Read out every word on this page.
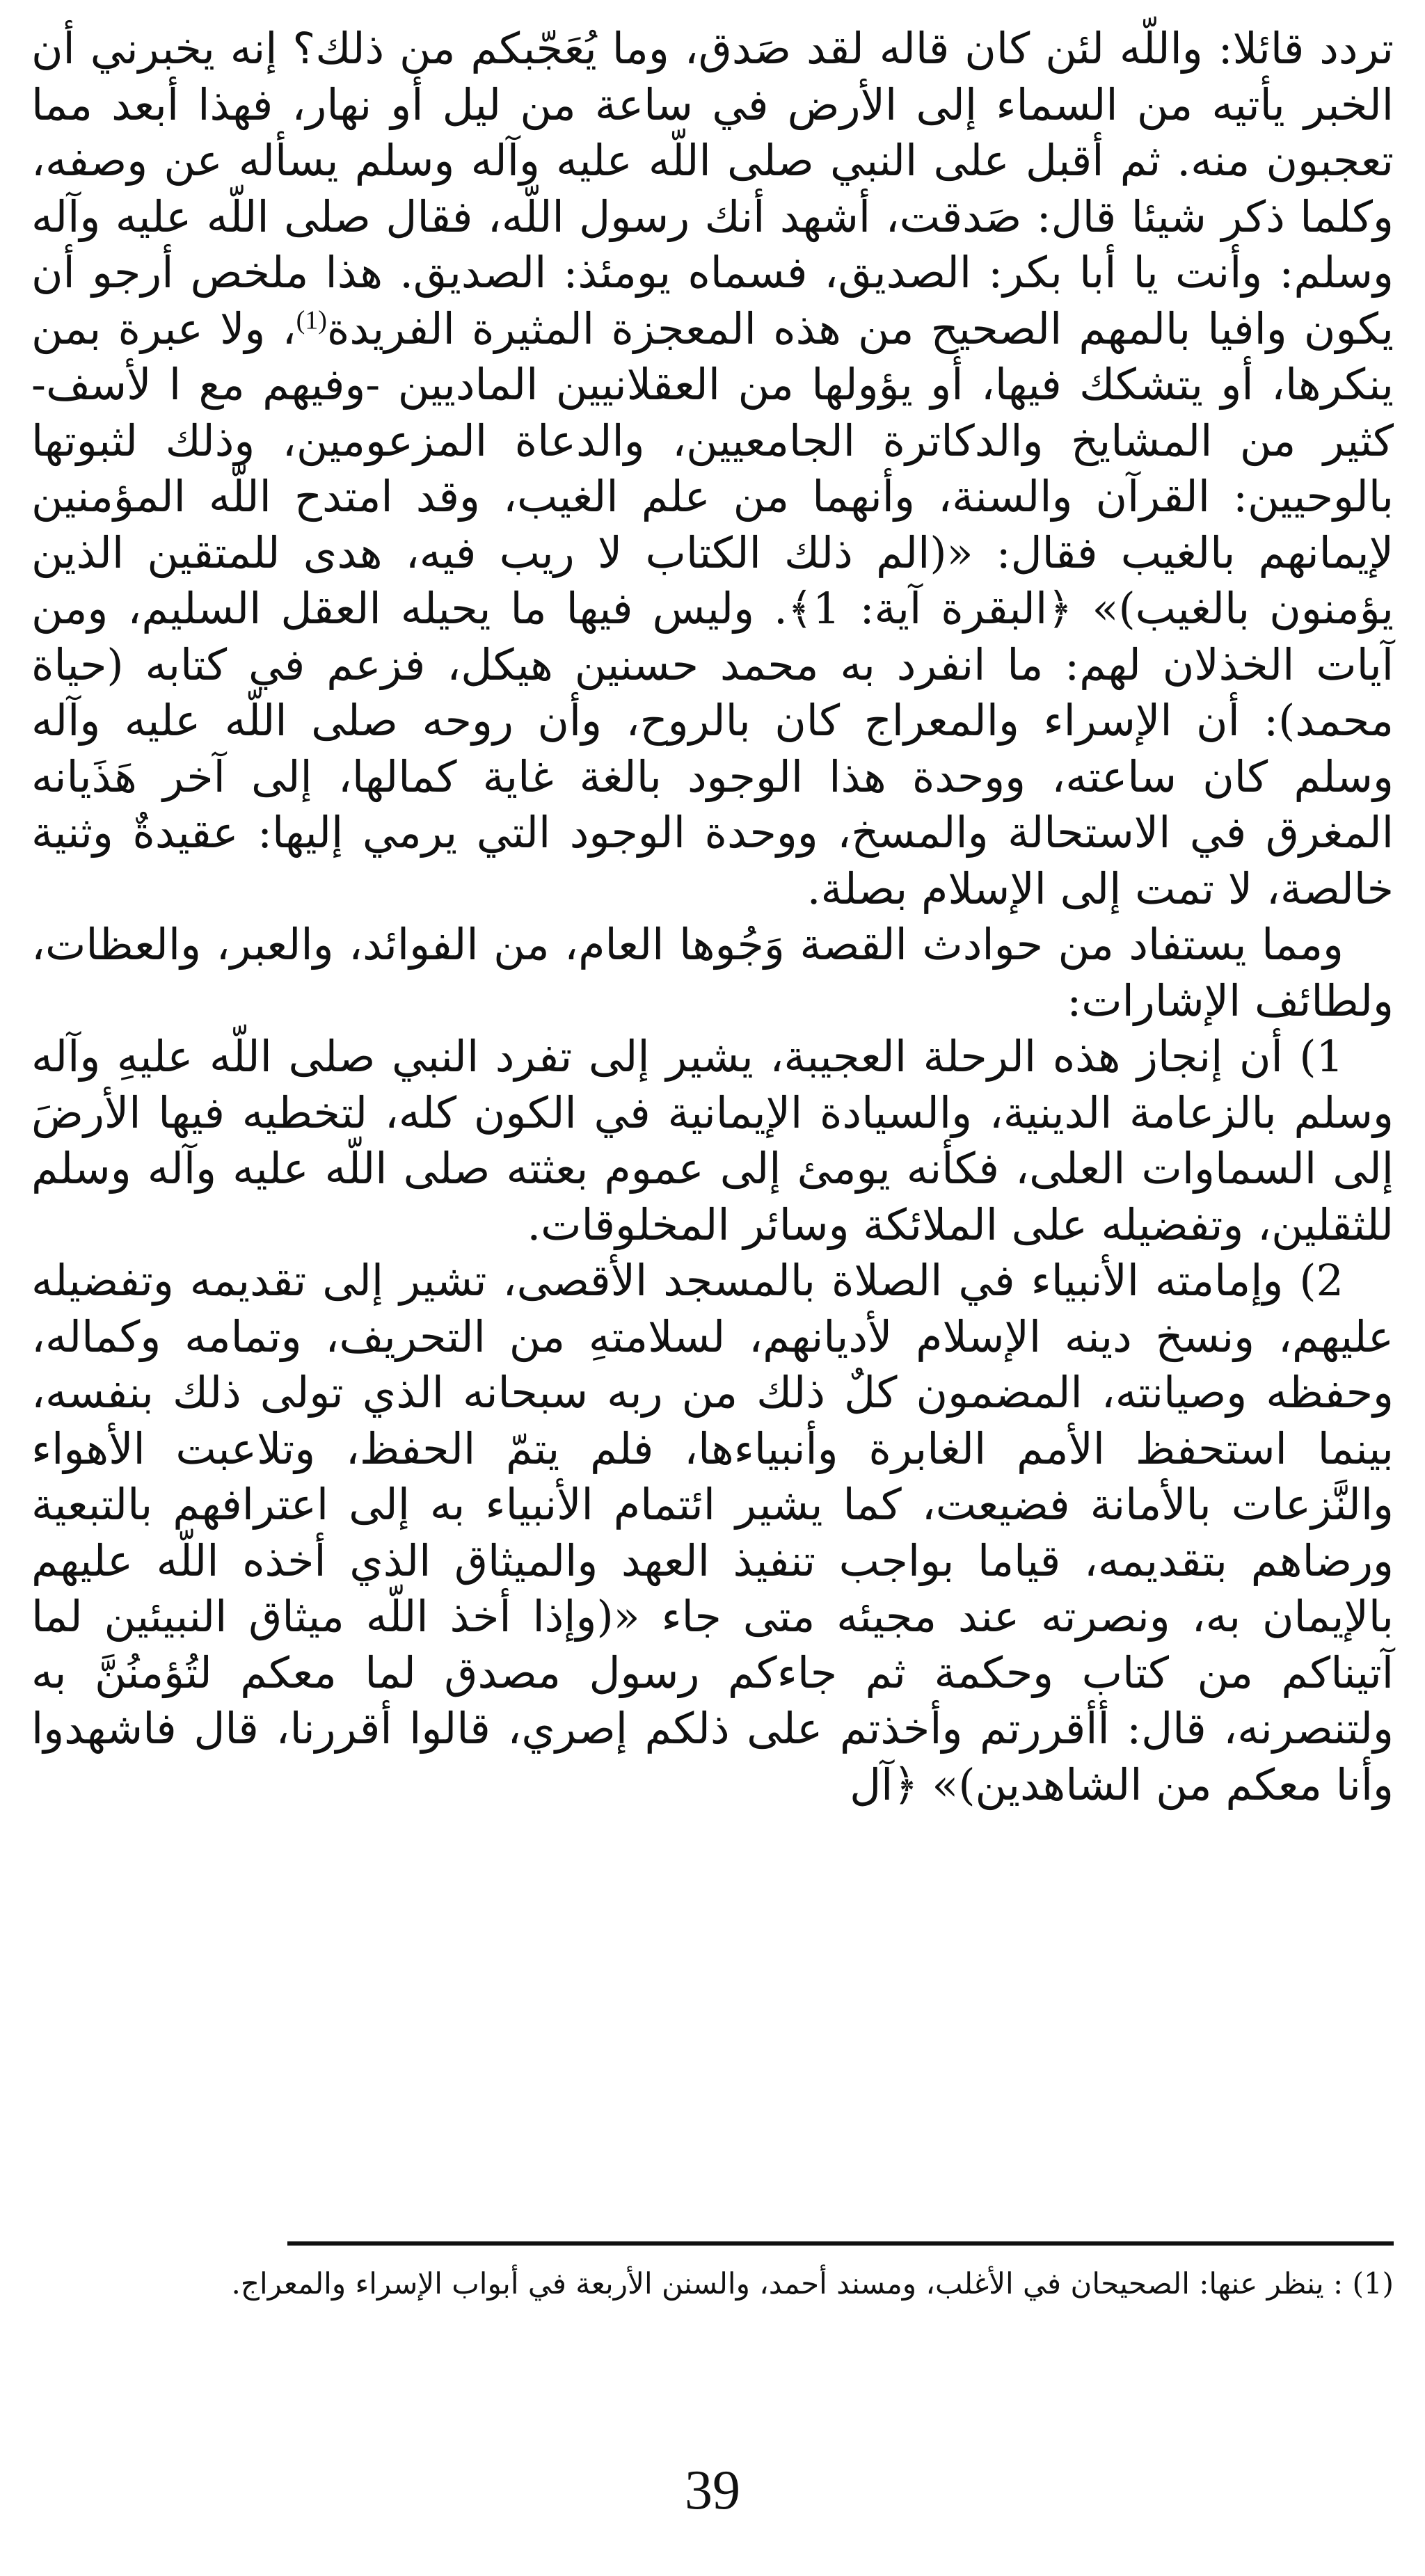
تردد قائلا: واللّه لئن كان قاله لقد صَدق، وما يُعَجّبكم من ذلك؟ إنه يخبرني أن الخبر يأتيه من السماء إلى الأرض في ساعة من ليل أو نهار، فهذا أبعد مما تعجبون منه. ثم أقبل على النبي صلى اللّه عليه وآله وسلم يسأله عن وصفه، وكلما ذكر شيئا قال: صَدقت، أشهد أنك رسول اللّه، فقال صلى اللّه عليه وآله وسلم: وأنت يا أبا بكر: الصديق، فسماه يومئذ: الصديق. هذا ملخص أرجو أن يكون وافيا بالمهم الصحيح من هذه المعجزة المثيرة الفريدة$^{(1)}$، ولا عبرة بمن ينكرها، أو يتشكك فيها، أو يؤولها من العقلانيين الماديين -وفيهم مع ا لأسف- كثير من المشايخ والدكاترة الجامعيين، والدعاة المزعومين، وذلك لثبوتها بالوحيين: القرآن والسنة، وأنهما من علم الغيب، وقد امتدح اللّه المؤمنين لإيمانهم بالغيب فقال: «(الم ذلك الكتاب لا ريب فيه، هدى للمتقين الذين يؤمنون بالغيب)» ﴿البقرة آية: 1﴾. وليس فيها ما يحيله العقل السليم، ومن آيات الخذلان لهم: ما انفرد به محمد حسنين هيكل، فزعم في كتابه (حياة محمد): أن الإسراء والمعراج كان بالروح، وأن روحه صلى اللّه عليه وآله وسلم كان ساعته، ووحدة هذا الوجود بالغة غاية كمالها، إلى آخر هَذَيانه المغرق في الاستحالة والمسخ، ووحدة الوجود التي يرمي إليها: عقيدةٌ وثنية خالصة، لا تمت إلى الإسلام بصلة.

ومما يستفاد من حوادث القصة وَجُوها العام، من الفوائد، والعبر، والعظات، ولطائف الإشارات:

1) أن إنجاز هذه الرحلة العجيبة، يشير إلى تفرد النبي صلى اللّه عليهِ وآله وسلم بالزعامة الدينية، والسيادة الإيمانية في الكون كله، لتخطيه فيها الأرضَ إلى السماوات العلى، فكأنه يومئ إلى عموم بعثته صلى اللّه عليه وآله وسلم للثقلين، وتفضيله على الملائكة وسائر المخلوقات.

2) وإمامته الأنبياء في الصلاة بالمسجد الأقصى، تشير إلى تقديمه وتفضيله عليهم، ونسخ دينه الإسلام لأديانهم، لسلامتهِ من التحريف، وتمامه وكماله، وحفظه وصيانته، المضمون كلٌ ذلك من ربه سبحانه الذي تولى ذلك بنفسه، بينما استحفظ الأمم الغابرة وأنبياءها، فلم يتمّ الحفظ، وتلاعبت الأهواء والنَّزعات بالأمانة فضيعت، كما يشير ائتمام الأنبياء به إلى اعترافهم بالتبعية ورضاهم بتقديمه، قياما بواجب تنفيذ العهد والميثاق الذي أخذه اللّه عليهم بالإيمان به، ونصرته عند مجيئه متى جاء «(وإذا أخذ اللّه ميثاق النبيئين لما آتيناكم من كتاب وحكمة ثم جاءكم رسول مصدق لما معكم لتُؤمنُنَّ به ولتنصرنه، قال: أأقررتم وأخذتم على ذلكم إصري، قالوا أقررنا، قال فاشهدوا وأنا معكم من الشاهدين)» ﴿آل

(1) : ينظر عنها: الصحيحان في الأغلب، ومسند أحمد، والسنن الأربعة في أبواب الإسراء والمعراج.
39
